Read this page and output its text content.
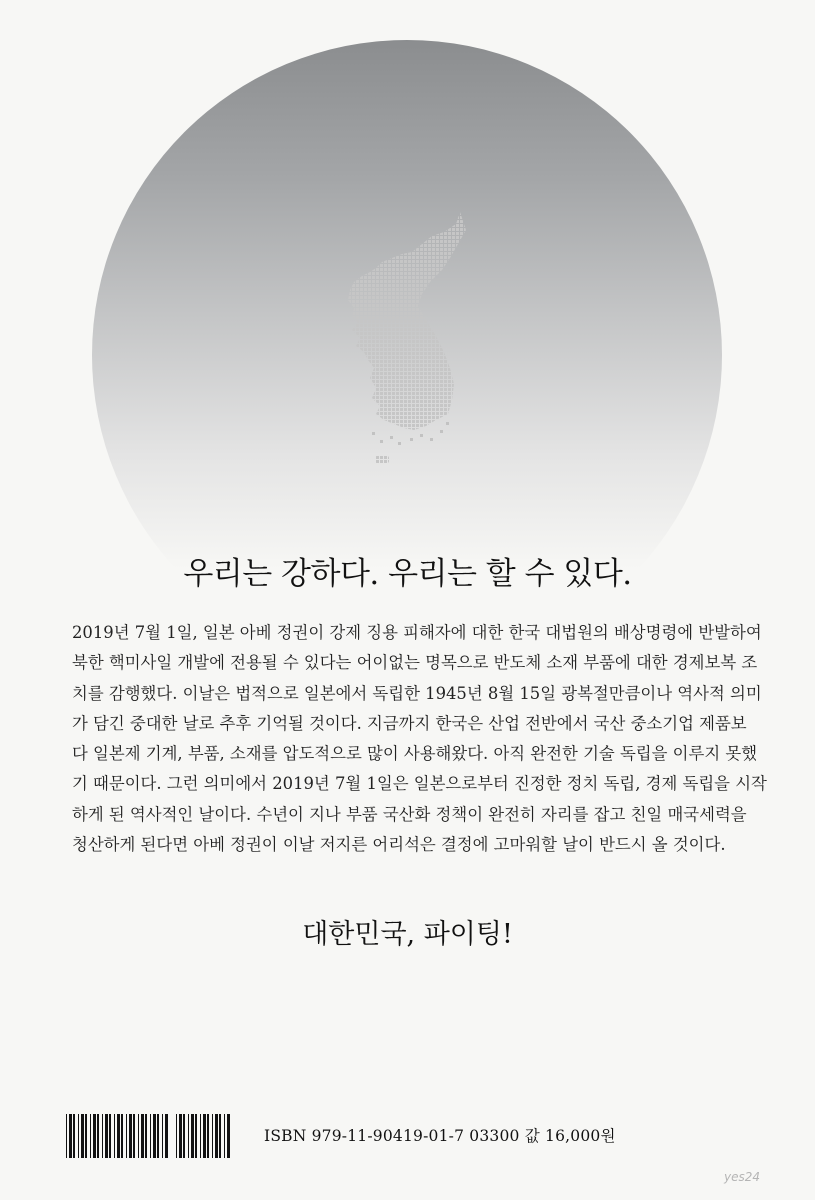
우리는 강하다. 우리는 할 수 있다.
2019년 7월 1일, 일본 아베 정권이 강제 징용 피해자에 대한 한국 대법원의 배상명령에 반발하여
북한 핵미사일 개발에 전용될 수 있다는 어이없는 명목으로 반도체 소재 부품에 대한 경제보복 조
치를 감행했다. 이날은 법적으로 일본에서 독립한 1945년 8월 15일 광복절만큼이나 역사적 의미
가 담긴 중대한 날로 추후 기억될 것이다. 지금까지 한국은 산업 전반에서 국산 중소기업 제품보
다 일본제 기계, 부품, 소재를 압도적으로 많이 사용해왔다. 아직 완전한 기술 독립을 이루지 못했
기 때문이다. 그런 의미에서 2019년 7월 1일은 일본으로부터 진정한 정치 독립, 경제 독립을 시작
하게 된 역사적인 날이다. 수년이 지나 부품 국산화 정책이 완전히 자리를 잡고 친일 매국세력을
청산하게 된다면 아베 정권이 이날 저지른 어리석은 결정에 고마워할 날이 반드시 올 것이다.
대한민국, 파이팅!
ISBN 979-11-90419-01-7 03300 값 16,000원
yes24
